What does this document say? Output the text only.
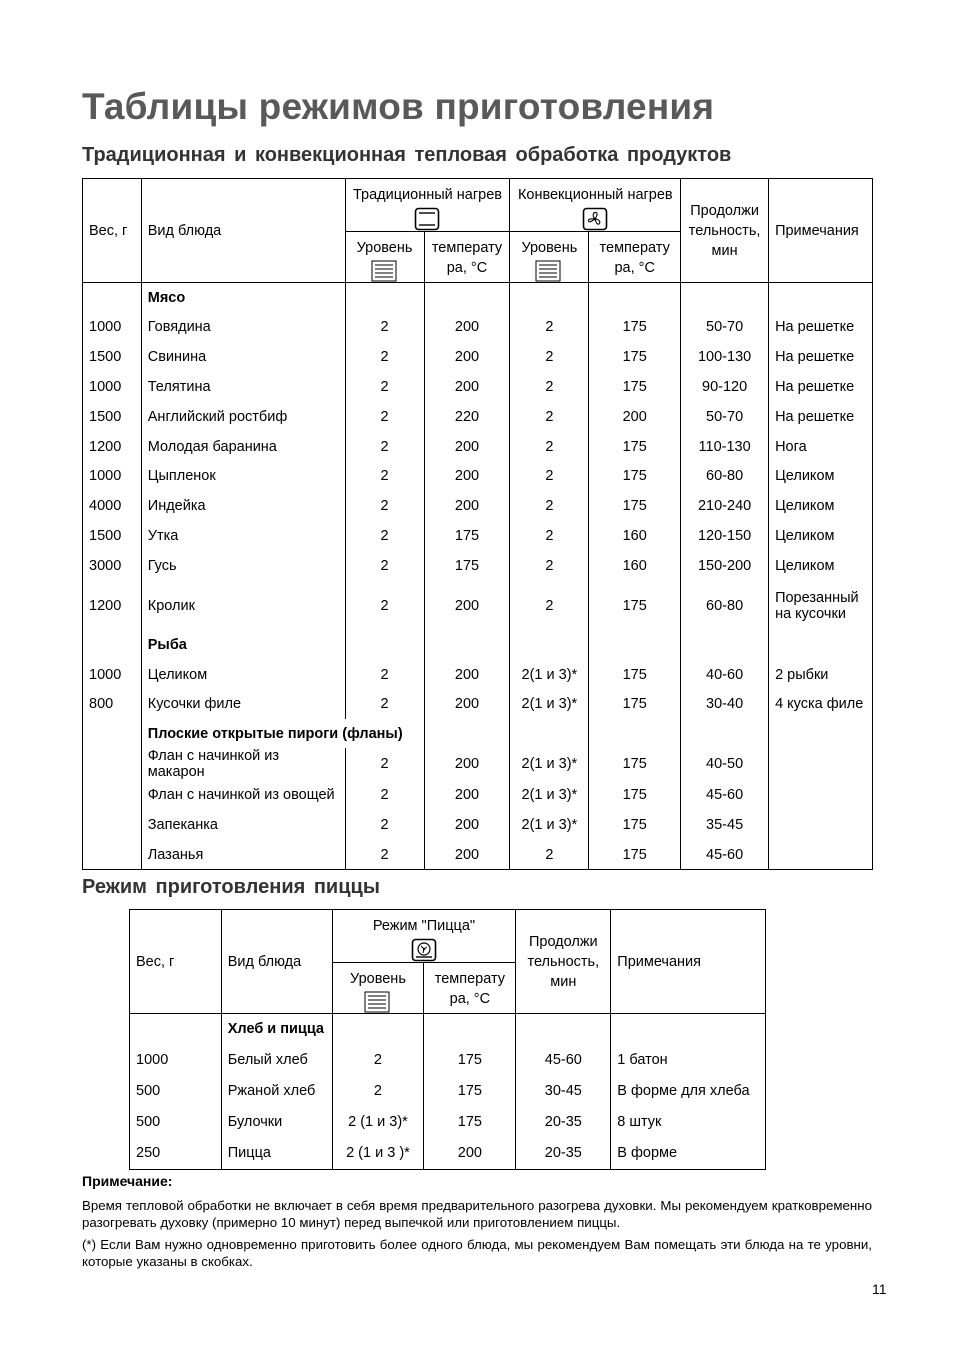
Таблицы режимов приготовления
Традиционная и конвекционная тепловая обработка продуктов
Вес, г	Вид блюда	Традиционный нагрев		Конвекционный нагрев		Продолжи
тельность,
мин	Примечания

		Уровень	температу
ра, °C	Уровень	температу
ра, °C		

	Мясо						
1000	Говядина	2	200	2	175	50-70	На решетке

1500	Свинина	2	200	2	175	100-130	На решетке

1000	Телятина	2	200	2	175	90-120	На решетке

1500	Английский ростбиф	2	220	2	200	50-70	На решетке

1200	Молодая баранина	2	200	2	175	110-130	Нога

1000	Цыпленок	2	200	2	175	60-80	Целиком

4000	Индейка	2	200	2	175	210-240	Целиком

1500	Утка	2	175	2	160	120-150	Целиком

3000	Гусь	2	175	2	160	150-200	Целиком

1200	Кролик	2	200	2	175	60-80	Порезанный
на кусочки

	Рыба						
1000	Целиком	2	200	2(1 и 3)*	175	40-60	2 рыбки

800	Кусочки филе	2	200	2(1 и 3)*	175	30-40	4 куска филе

	Плоские открытые пироги (фланы)						
	Флан с начинкой из макарон	2	200	2(1 и 3)*	175	40-50	

	Флан с начинкой из овощей	2	200	2(1 и 3)*	175	45-60	

	Запеканка	2	200	2(1 и 3)*	175	35-45	

	Лазанья	2	200	2	175	45-60	
Режим приготовления пиццы
Вес, г	Вид блюда	Режим "Пицца"		Продолжи
тельность,
мин	Примечания

		Уровень	температу
ра, °C		

	Хлеб и пицца				
1000	Белый хлеб	2	175	45-60	1 батон
500	Ржаной хлеб	2	175	30-45	В форме для хлеба
500	Булочки	2 (1 и 3)*	175	20-35	8 штук
250	Пицца	2 (1 и 3 )*	200	20-35	В форме

Примечание:

Время тепловой обработки не включает в себя время предварительного разогрева духовки. Мы рекомендуем кратковременно разогревать духовку (примерно 10 минут) перед выпечкой или приготовлением пиццы.

(*) Если Вам нужно одновременно приготовить более одного блюда, мы рекомендуем Вам помещать эти блюда на те уровни, которые указаны в скобках.

11
